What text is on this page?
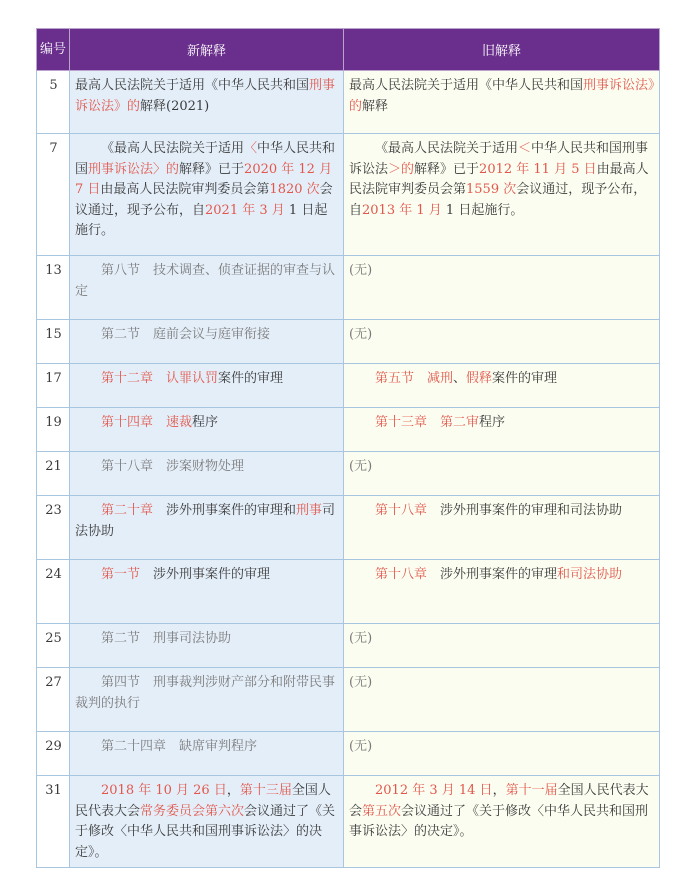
编号	新解释	旧解释
5	最高人民法院关于适用《中华人民共和国刑事诉讼法》的解释(2021)	最高人民法院关于适用《中华人民共和国刑事诉讼法》的解释
7	《最高人民法院关于适用〈中华人民共和国刑事诉讼法〉的解释》已于2020 年 12 月 7 日由最高人民法院审判委员会第1820 次会议通过，现予公布，自2021 年 3 月 1 日起施行。	《最高人民法院关于适用＜中华人民共和国刑事诉讼法＞的解释》已于2012 年 11 月 5 日由最高人民法院审判委员会第1559 次会议通过，现予公布，自2013 年 1 月 1 日起施行。
13	第八节　技术调查、侦查证据的审查与认定	(无)
15	第二节　庭前会议与庭审衔接	(无)
17	第十二章　认罪认罚案件的审理	第五节　减刑、假释案件的审理
19	第十四章　速裁程序	第十三章　第二审程序
21	第十八章　涉案财物处理	(无)
23	第二十章　涉外刑事案件的审理和刑事司法协助	第十八章　涉外刑事案件的审理和司法协助
24	第一节　涉外刑事案件的审理	第十八章　涉外刑事案件的审理和司法协助
25	第二节　刑事司法协助	(无)
27	第四节　刑事裁判涉财产部分和附带民事裁判的执行	(无)
29	第二十四章　缺席审判程序	(无)
31	2018 年 10 月 26 日，第十三届全国人民代表大会常务委员会第六次会议通过了《关于修改〈中华人民共和国刑事诉讼法〉的决定》。	2012 年 3 月 14 日，第十一届全国人民代表大会第五次会议通过了《关于修改〈中华人民共和国刑事诉讼法〉的决定》。
